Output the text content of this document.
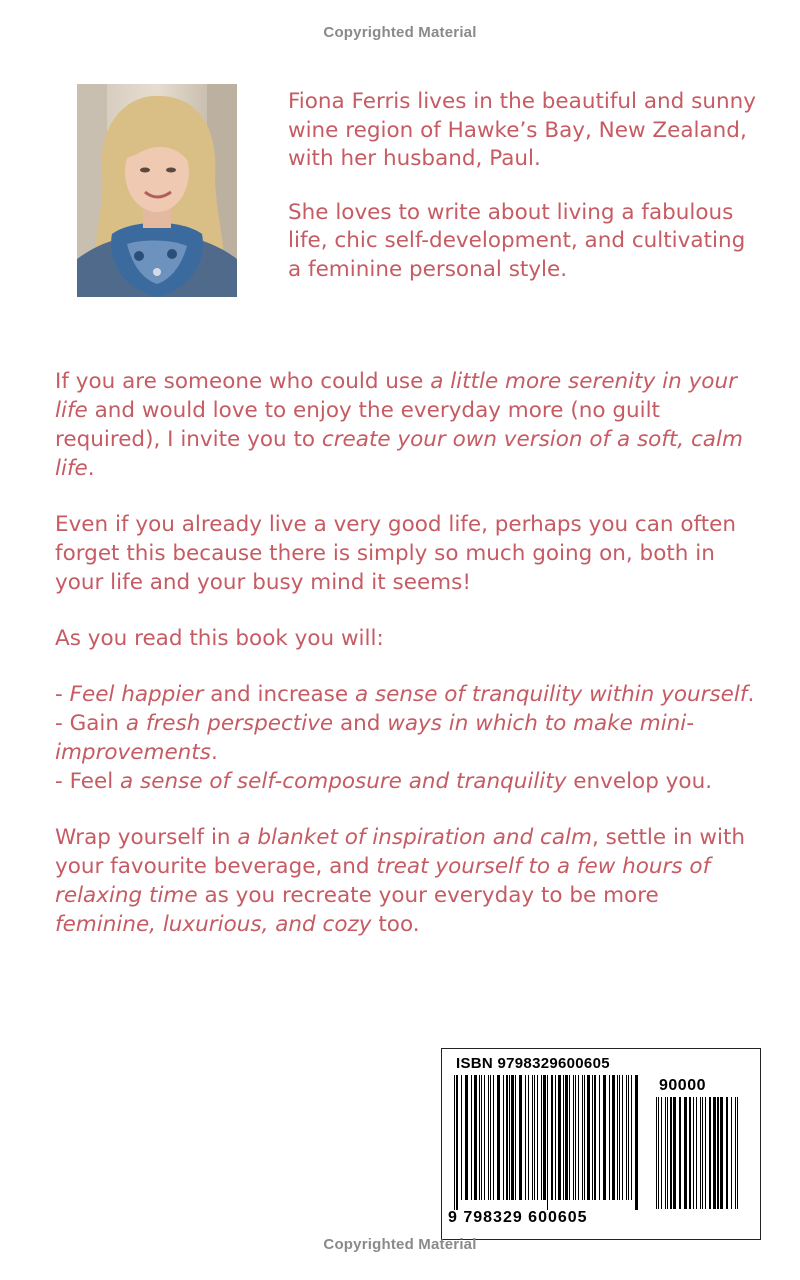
Copyrighted Material

Fiona Ferris lives in the beautiful and sunny wine region of Hawke’s Bay, New Zealand, with her husband, Paul.

She loves to write about living a fabulous life, chic self-development, and cultivating a feminine personal style.

If you are someone who could use a little more serenity in your life and would love to enjoy the everyday more (no guilt required), I invite you to create your own version of a soft, calm life.

Even if you already live a very good life, perhaps you can often forget this because there is simply so much going on, both in your life and your busy mind it seems!

As you read this book you will:

- Feel happier and increase a sense of tranquility within yourself.

- Gain a fresh perspective and ways in which to make mini-improvements.

- Feel a sense of self-composure and tranquility envelop you.

Wrap yourself in a blanket of inspiration and calm, settle in with your favourite beverage, and treat yourself to a few hours of relaxing time as you recreate your everyday to be more feminine, luxurious, and cozy too.

ISBN 9798329600605
90000
9 798329 600605
Copyrighted Material
